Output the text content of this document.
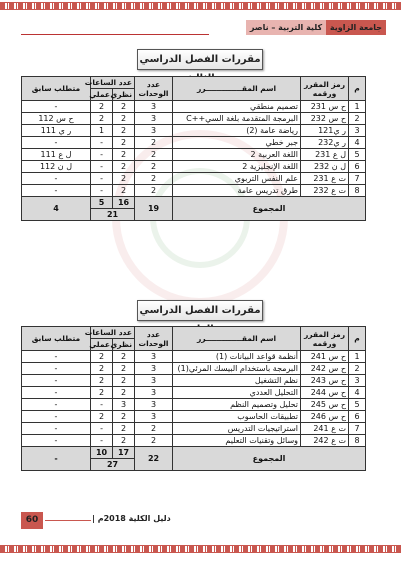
كلية التربية – ناصر جامعة الزاوية
مقررات الفصل الدراسي
م	رمز المقرر ورقمه	اسم المقــــــــــــــرر	عدد الوحدات	عدد الساعات		متطلب سابق
				نظري	عملي	
1	ح س 231	تصميم منطقي	3	2	2	-
2	ح س 232	البرمجة المتقدمة بلغة السي++C	3	2	2	ح س 112
3	ر ي121	رياضة عامة (2)	3	2	1	ر ي 111
4	ر ي232	جبر خطي	2	2	-	-
5	ل ع 231	اللغة العربية 2	2	2	-	ل ع 111
6	ل ن 232	اللغة الإنجليزية 2	2	2	-	ل ن 112
7	ت ع 231	علم النفس التربوي	2	2	-	-
8	ت ع 232	طرق تدريس عامة	2	2	-	-
المجموع			19	16	5	4
				21		
مقررات الفصل الدراسي
م	رمز المقرر ورقمه	اسم المقــــــــــــــرر	عدد الوحدات	عدد الساعات		متطلب سابق
				نظري	عملي	
1	ح س 241	أنظمة قواعد البيانات (1)	3	2	2	-
2	ح س 242	البرمجة باستخدام البيسك المرئي(1)	3	2	2	-
3	ح س 243	نظم التشغيل	3	2	2	-
4	ح س 244	التحليل العددي	3	2	2	-
5	ح س 245	تحليل وتصميم النظم	3	3	-	-
6	ح س 246	تطبيقات الحاسوب	3	2	2	-
7	ت ع 241	استراتيجيات التدريس	2	2	-	-
8	ت ع 242	وسائل وتقنيات التعليم	2	2	-	-
المجموع			22	17	10	-
				27		
60	دليل الكلية 2018م |
